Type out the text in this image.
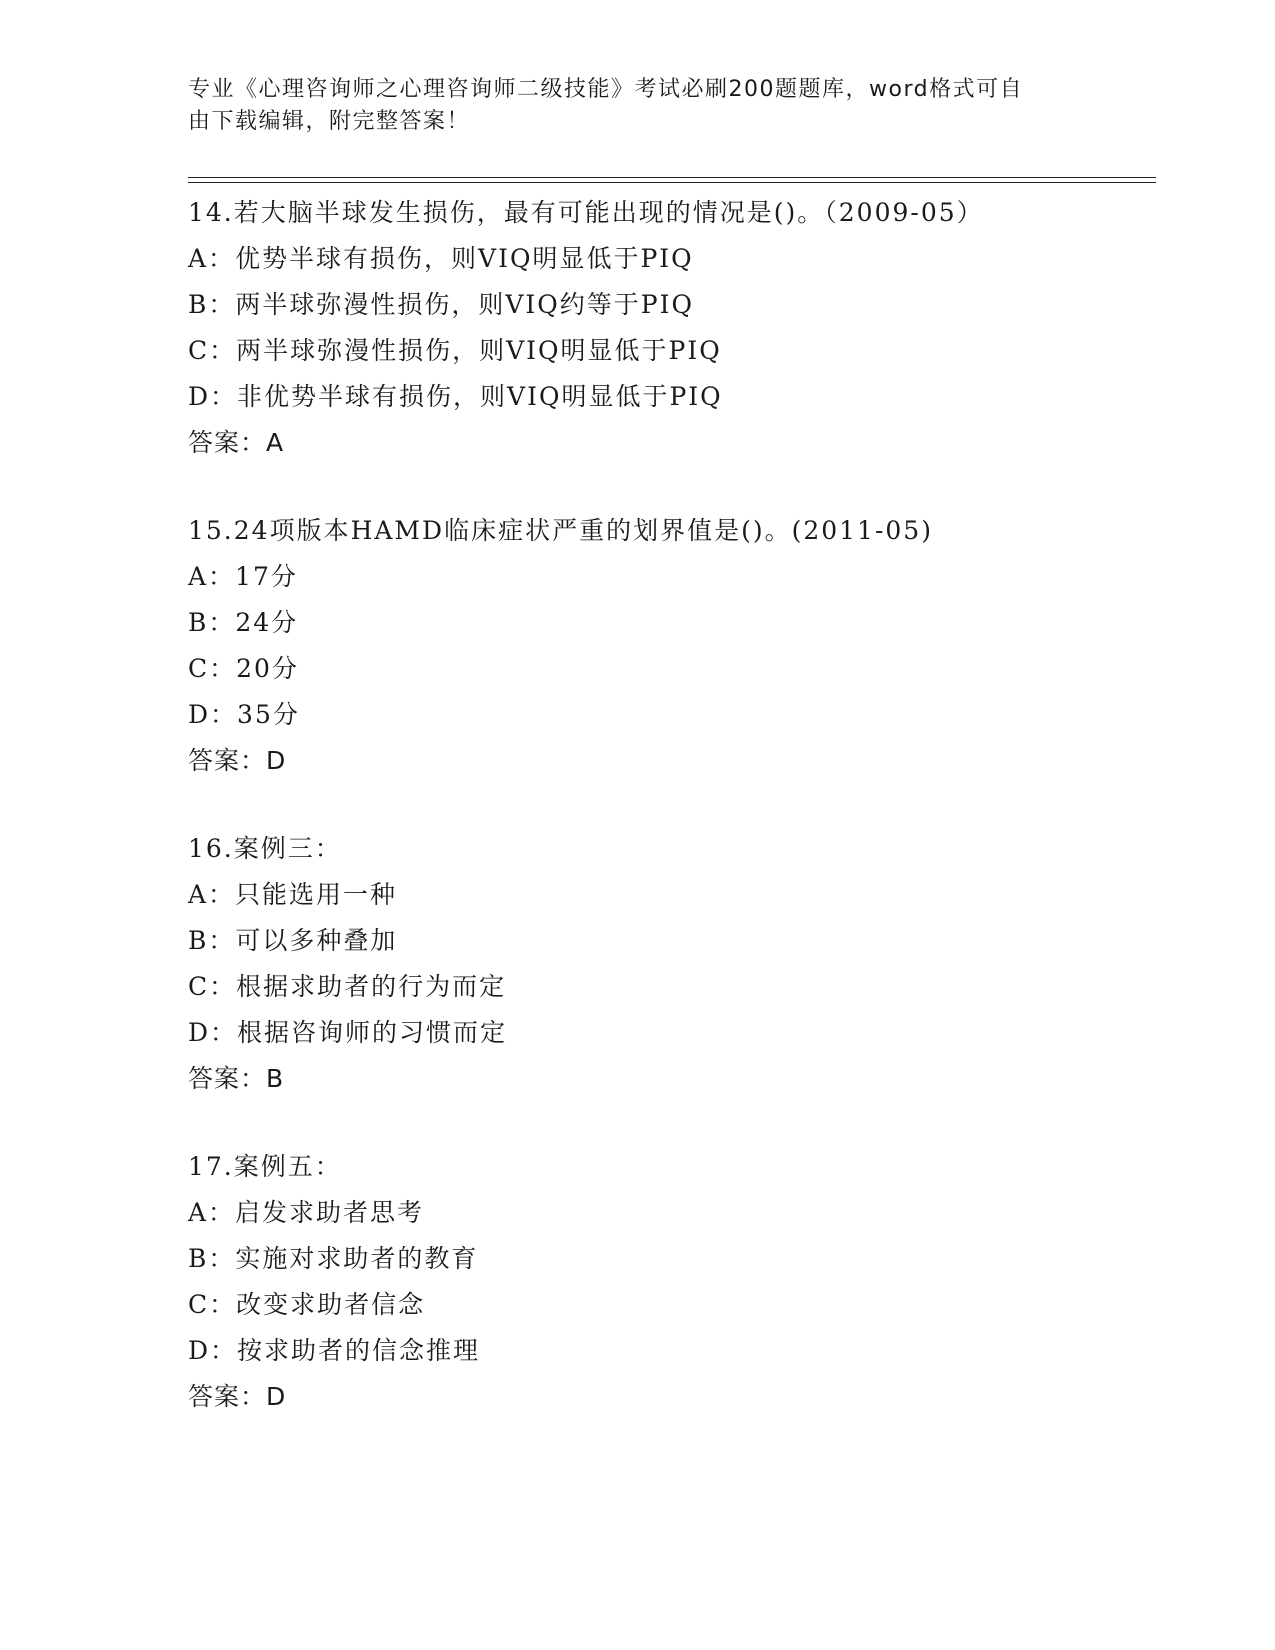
专业《心理咨询师之心理咨询师二级技能》考试必刷200题题库，word格式可自
由下载编辑，附完整答案！
14.若大脑半球发生损伤，最有可能出现的情况是()。（2009-05）
A：优势半球有损伤，则VIQ明显低于PIQ
B：两半球弥漫性损伤，则VIQ约等于PIQ
C：两半球弥漫性损伤，则VIQ明显低于PIQ
D：非优势半球有损伤，则VIQ明显低于PIQ
答案：A
15.24项版本HAMD临床症状严重的划界值是()。(2011-05)
A：17分
B：24分
C：20分
D：35分
答案：D
16.案例三：
A：只能选用一种
B：可以多种叠加
C：根据求助者的行为而定
D：根据咨询师的习惯而定
答案：B
17.案例五：
A：启发求助者思考
B：实施对求助者的教育
C：改变求助者信念
D：按求助者的信念推理
答案：D
